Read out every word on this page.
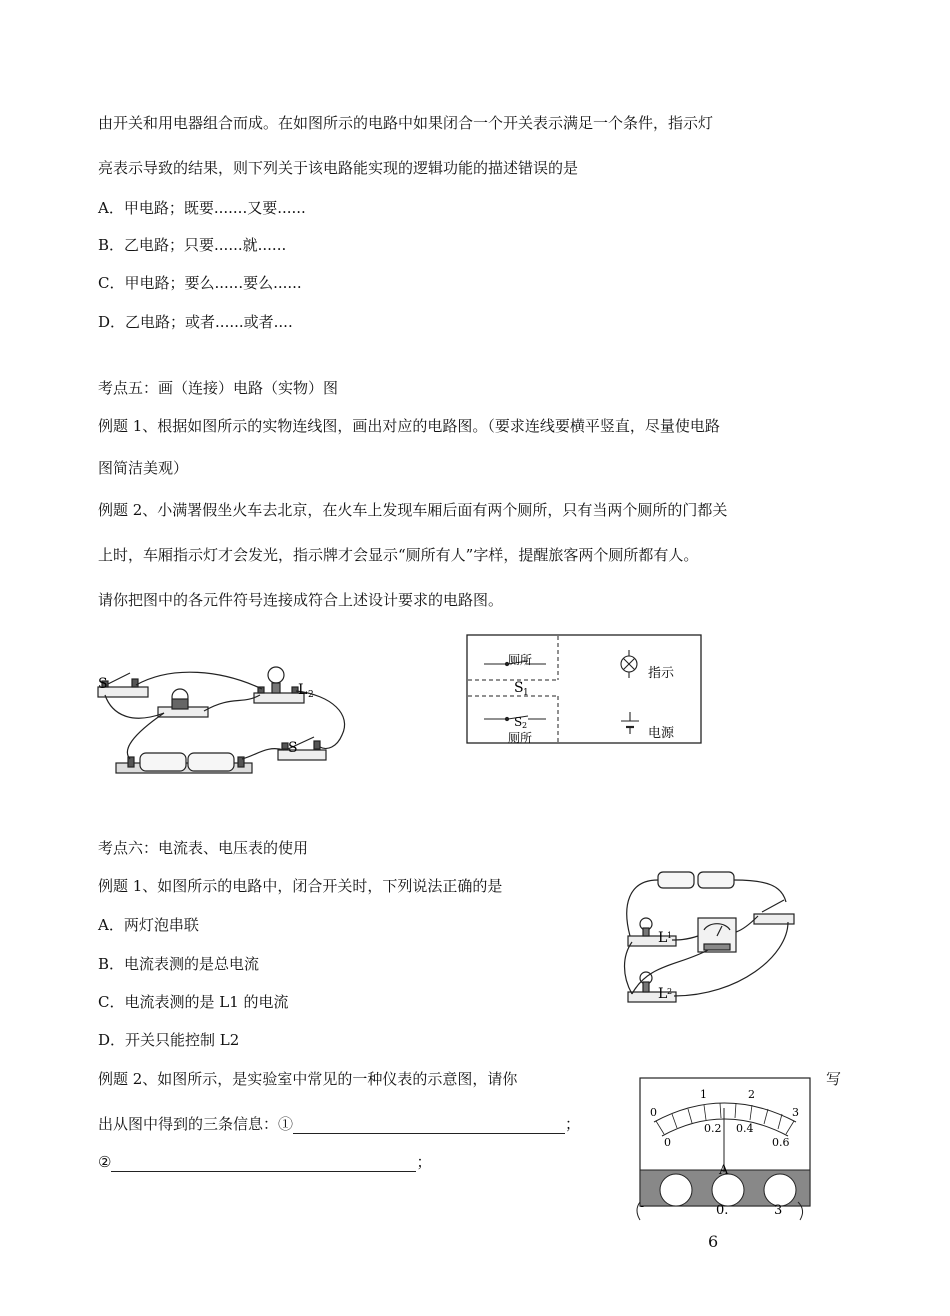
由开关和用电器组合而成。在如图所示的电路中如果闭合一个开关表示满足一个条件，指示灯
亮表示导致的结果，则下列关于该电路能实现的逻辑功能的描述错误的是
A．甲电路；既要.......又要......
B．乙电路；只要......就......
C．甲电路；要么......要么......
D．乙电路；或者......或者....
考点五：画（连接）电路（实物）图
例题 1、根据如图所示的实物连线图，画出对应的电路图。（要求连线要横平竖直，尽量使电路
图简洁美观）
例题 2、小满署假坐火车去北京，在火车上发现车厢后面有两个厕所，只有当两个厕所的门都关
上时，车厢指示灯才会发光，指示牌才会显示“厕所有人”字样，提醒旅客两个厕所都有人。
请你把图中的各元件符号连接成符合上述设计要求的电路图。
S	L 2
S
厕所
S 1
S 2
厕所
指示
电源
考点六：电流表、电压表的使用
例题 1、如图所示的电路中，闭合开关时，下列说法正确的是
A．两灯泡串联
B．电流表测的是总电流
C．电流表测的是 L1 的电流
D．开关只能控制 L2
L 1
L 2
例题 2、如图所示，是实验室中常见的一种仪表的示意图，请你	写
出从图中得到的三条信息：①	；
②	；
0
1	2
3
0
0.2 0.4
0.6
A
-	0.	3
6
